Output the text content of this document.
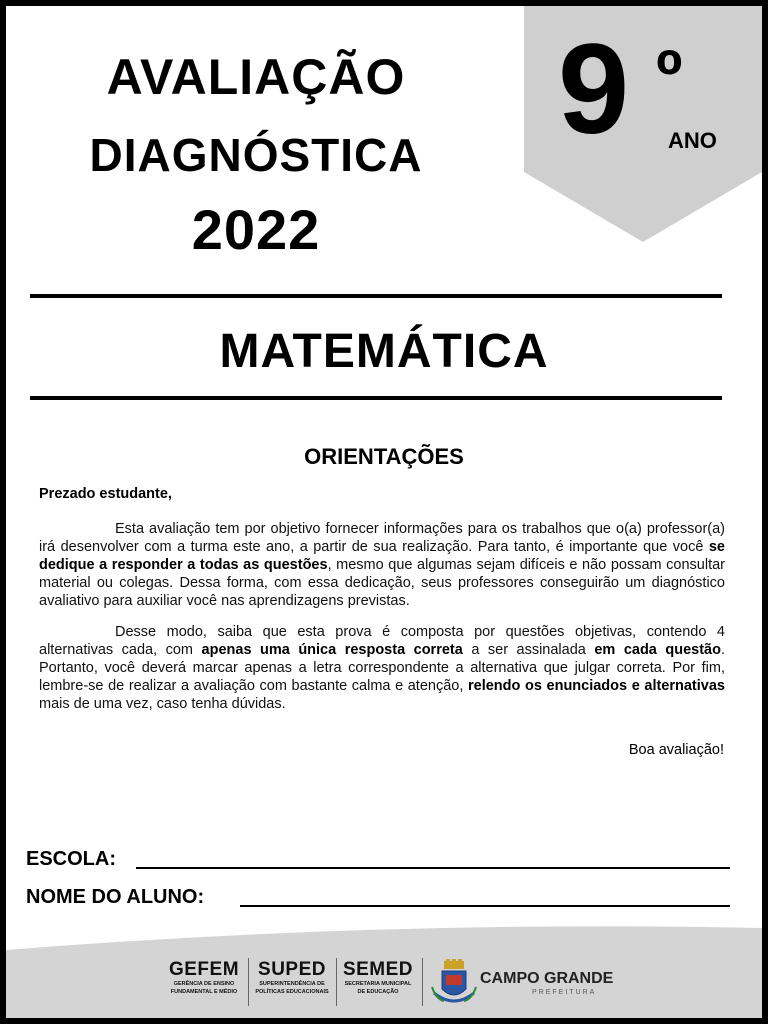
AVALIAÇÃO
DIAGNÓSTICA
2022
9 º
ANO
MATEMÁTICA
ORIENTAÇÕES
Prezado estudante,

Esta avaliação tem por objetivo fornecer informações para os trabalhos que o(a) professor(a) irá desenvolver com a turma este ano, a partir de sua realização. Para tanto, é importante que você se dedique a responder a todas as questões, mesmo que algumas sejam difíceis e não possam consultar material ou colegas. Dessa forma, com essa dedicação, seus professores conseguirão um diagnóstico avaliativo para auxiliar você nas aprendizagens previstas.

Desse modo, saiba que esta prova é composta por questões objetivas, contendo 4 alternativas cada, com apenas uma única resposta correta a ser assinalada em cada questão. Portanto, você deverá marcar apenas a letra correspondente a alternativa que julgar correta. Por fim, lembre-se de realizar a avaliação com bastante calma e atenção, relendo os enunciados e alternativas mais de uma vez, caso tenha dúvidas.

Boa avaliação!
ESCOLA:
NOME DO ALUNO:
GEFEM
GERÊNCIA DE ENSINO
FUNDAMENTAL E MÉDIO
SUPED
SUPERINTENDÊNCIA DE
POLÍTICAS EDUCACIONAIS
SEMED
SECRETARIA MUNICIPAL
DE EDUCAÇÃO
CAMPO GRANDE
PREFEITURA
